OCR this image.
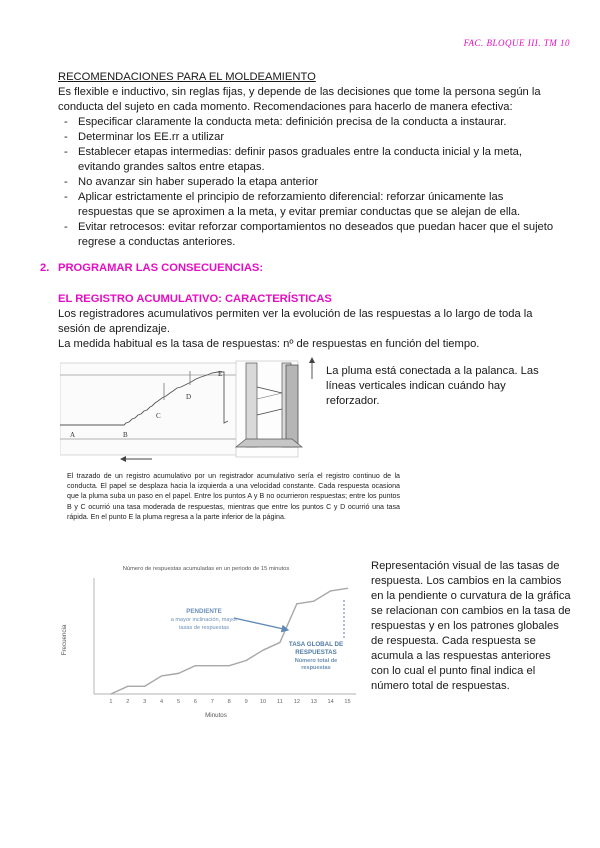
FAC. BLOQUE III. TM 10

RECOMENDACIONES PARA EL MOLDEAMIENTO

Es flexible e inductivo, sin reglas fijas, y depende de las decisiones que tome la persona según la conducta del sujeto en cada momento. Recomendaciones para hacerlo de manera efectiva:

- Especificar claramente la conducta meta: definición precisa de la conducta a instaurar.
- Determinar los EE.rr a utilizar
- Establecer etapas intermedias: definir pasos graduales entre la conducta inicial y la meta, evitando grandes saltos entre etapas.
- No avanzar sin haber superado la etapa anterior
- Aplicar estrictamente el principio de reforzamiento diferencial: reforzar únicamente las respuestas que se aproximen a la meta, y evitar premiar conductas que se alejan de ella.
- Evitar retrocesos: evitar reforzar comportamientos no deseados que puedan hacer que el sujeto regrese a conductas anteriores.
2. PROGRAMAR LAS CONSECUENCIAS:
EL REGISTRO ACUMULATIVO: CARACTERÍSTICAS

Los registradores acumulativos permiten ver la evolución de las respuestas a lo largo de toda la sesión de aprendizaje.

La medida habitual es la tasa de respuestas: nº de respuestas en función del tiempo.

A	B
C
D
E	La pluma está conectada a la palanca. Las líneas verticales indican cuándo hay reforzador.
El trazado de un registro acumulativo por un registrador acumulativo sería el registro continuo de la conducta. El papel se desplaza hacia la izquierda a una velocidad constante. Cada respuesta ocasiona que la pluma suba un paso en el papel. Entre los puntos A y B no ocurrieron respuestas; entre los puntos B y C ocurrió una tasa moderada de respuestas, mientras que entre los puntos C y D ocurrió una tasa rápida. En el punto E la pluma regresa a la parte inferior de la página.
Número de respuestas acumuladas en un periodo de 15 minutos
1 2 3 4 5 6 7 8 9 10 11 12 13 14 15
Frecuencia
Minutos
PENDIENTE
a mayor inclinación, mayor
tasas de respuestas
TASA GLOBAL DE
RESPUESTAS
Número total de
respuestas
Representación visual de las tasas de respuesta. Los cambios en la cambios en la pendiente o curvatura de la gráfica se relacionan con cambios en la tasa de respuestas y en los patrones globales de respuesta. Cada respuesta se acumula a las respuestas anteriores con lo cual el punto final indica el número total de respuestas.
